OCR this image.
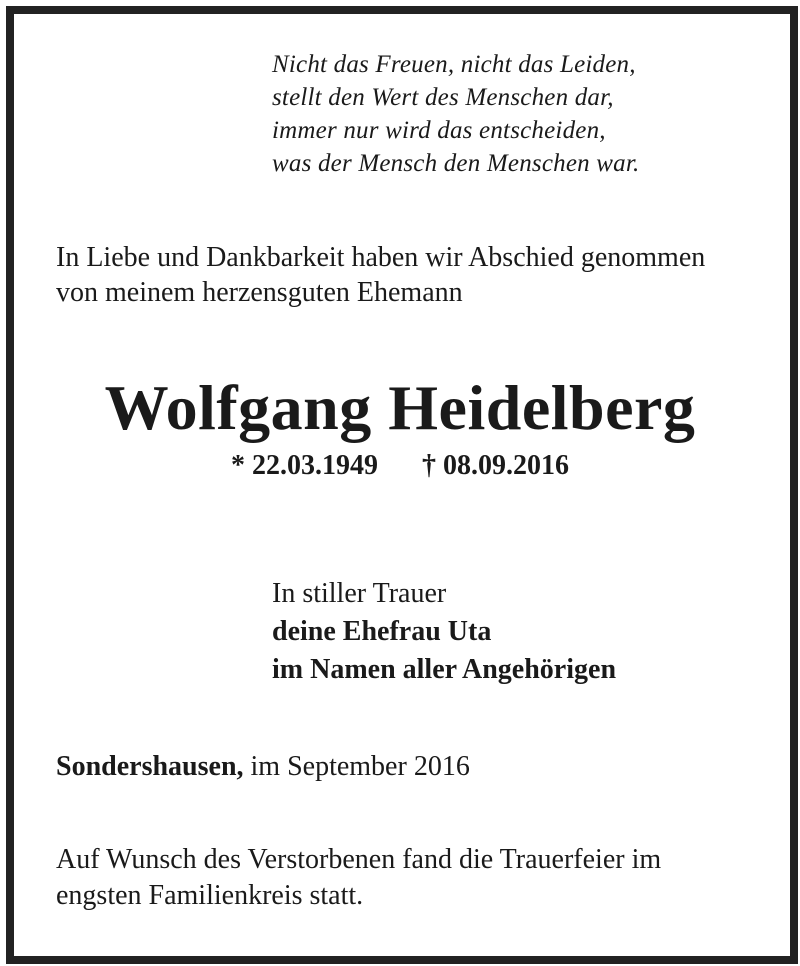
Nicht das Freuen, nicht das Leiden,
stellt den Wert des Menschen dar,
immer nur wird das entscheiden,
was der Mensch den Menschen war.
In Liebe und Dankbarkeit haben wir Abschied genommen
von meinem herzensguten Ehemann
Wolfgang Heidelberg
* 22.03.1949 † 08.09.2016
In stiller Trauer
deine Ehefrau Uta
im Namen aller Angehörigen
Sondershausen, im September 2016
Auf Wunsch des Verstorbenen fand die Trauerfeier im
engsten Familienkreis statt.
